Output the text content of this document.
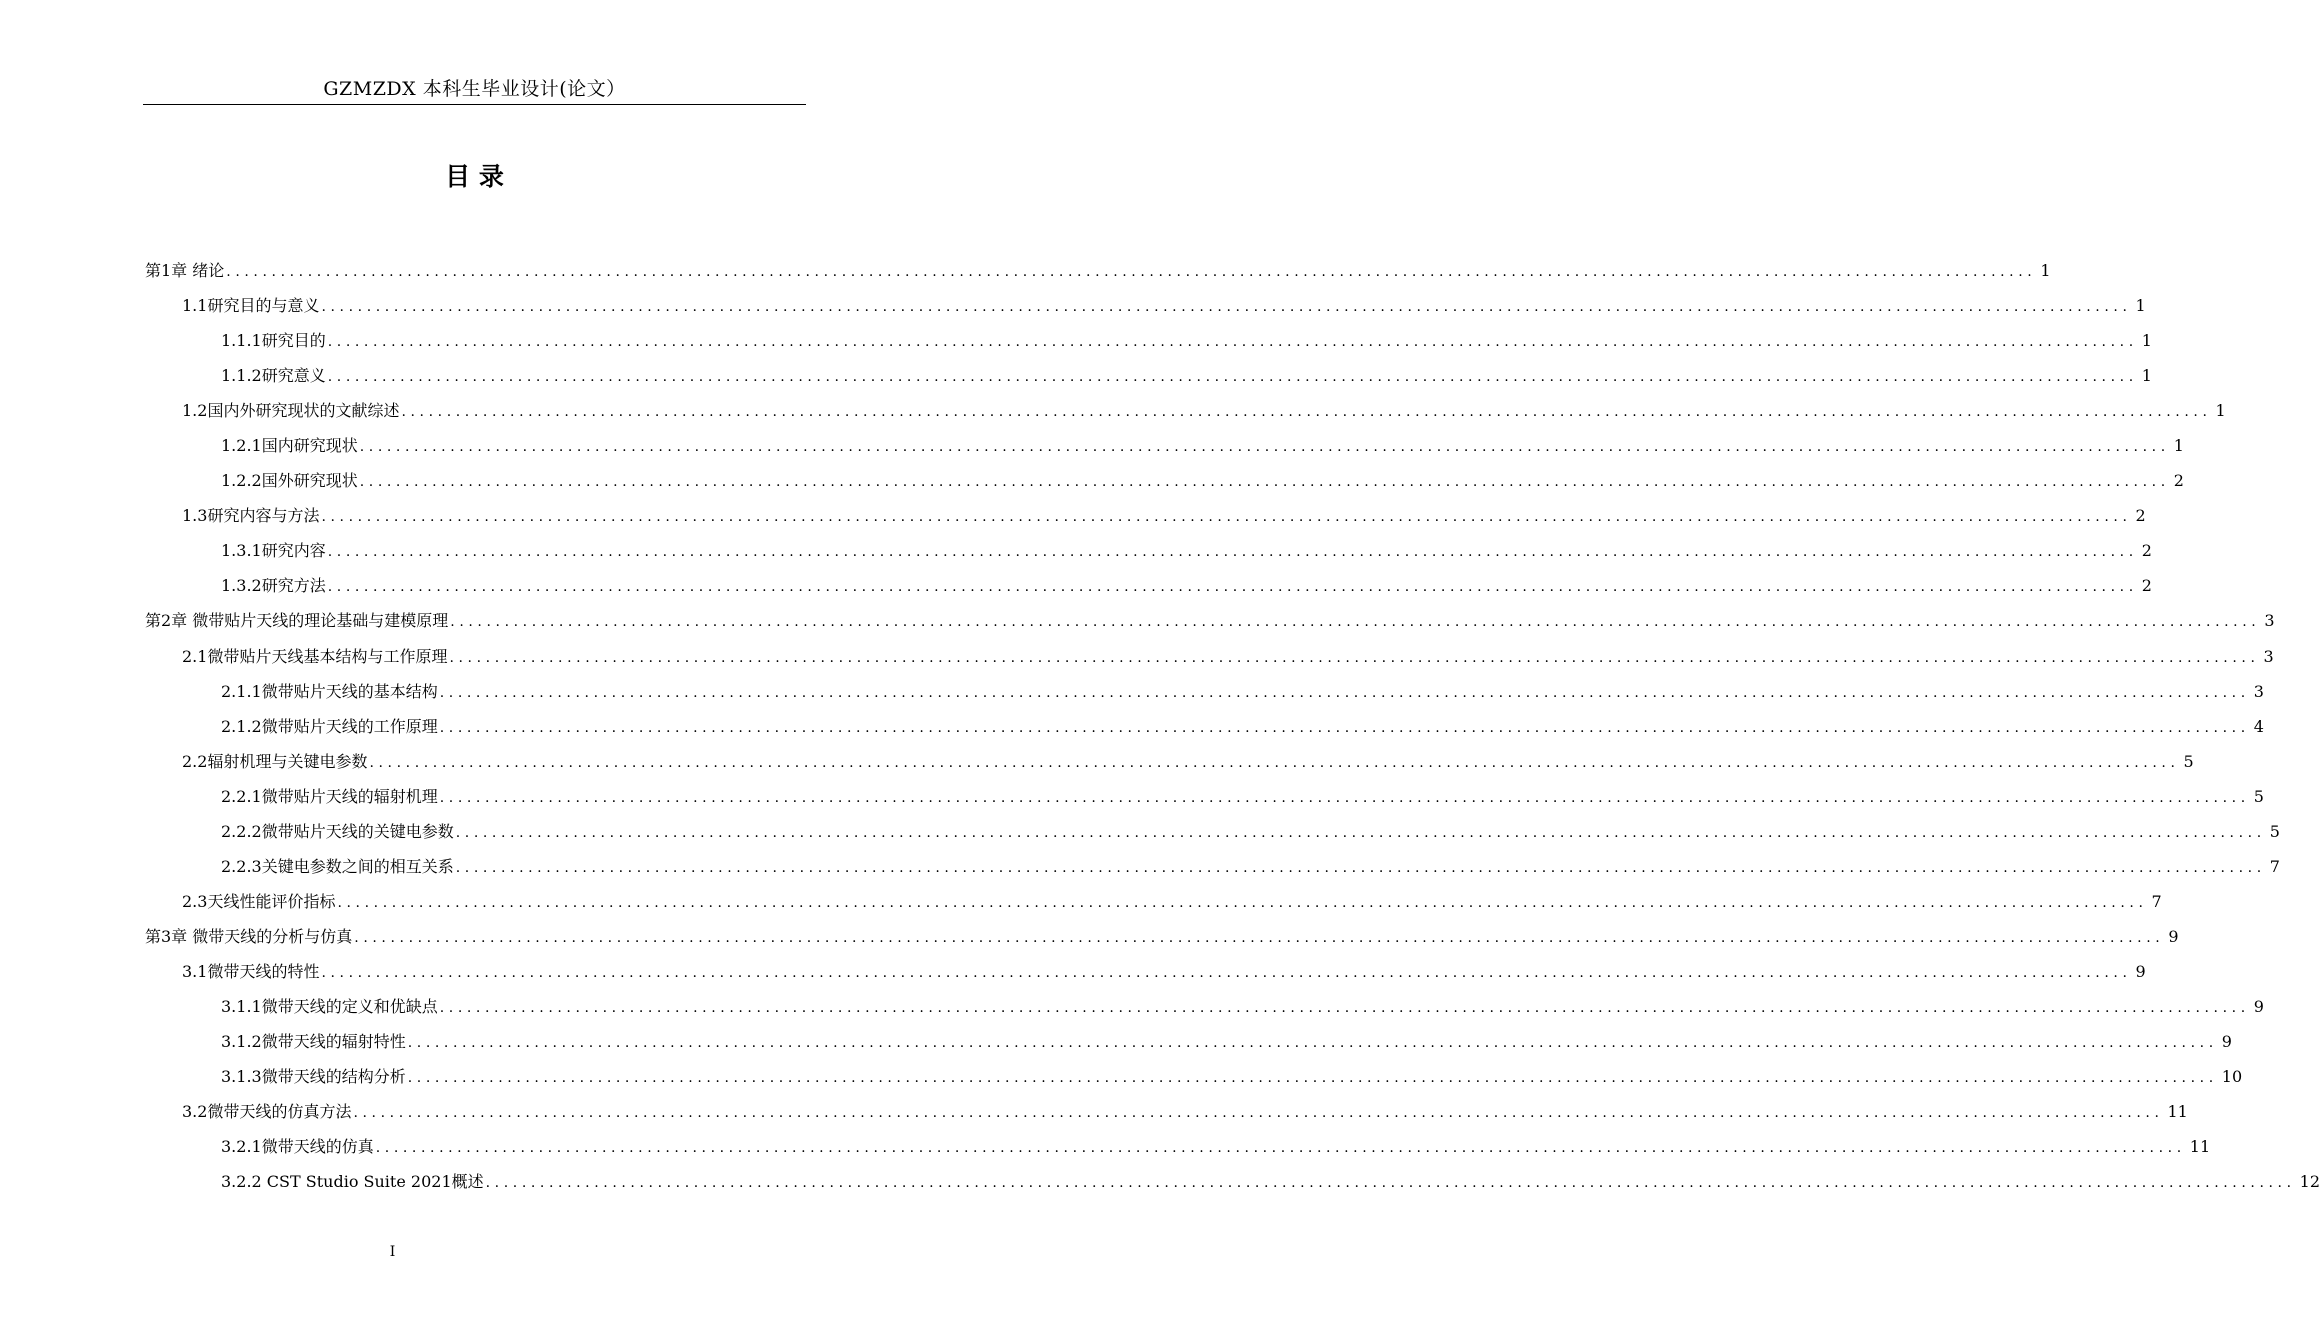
GZMZDX 本科生毕业设计(论文）
目 录
第1章 绪论 ........................................................................................................................................................................................................ 1
1.1研究目的与意义 ........................................................................................................................................................................................................ 1
1.1.1研究目的 ........................................................................................................................................................................................................ 1
1.1.2研究意义 ........................................................................................................................................................................................................ 1
1.2国内外研究现状的文献综述 ........................................................................................................................................................................................................ 1
1.2.1国内研究现状 ........................................................................................................................................................................................................ 1
1.2.2国外研究现状 ........................................................................................................................................................................................................ 2
1.3研究内容与方法 ........................................................................................................................................................................................................ 2
1.3.1研究内容 ........................................................................................................................................................................................................ 2
1.3.2研究方法 ........................................................................................................................................................................................................ 2
第2章 微带贴片天线的理论基础与建模原理 ........................................................................................................................................................................................................ 3
2.1微带贴片天线基本结构与工作原理 ........................................................................................................................................................................................................ 3
2.1.1微带贴片天线的基本结构 ........................................................................................................................................................................................................ 3
2.1.2微带贴片天线的工作原理 ........................................................................................................................................................................................................ 4
2.2辐射机理与关键电参数 ........................................................................................................................................................................................................ 5
2.2.1微带贴片天线的辐射机理 ........................................................................................................................................................................................................ 5
2.2.2微带贴片天线的关键电参数 ........................................................................................................................................................................................................ 5
2.2.3关键电参数之间的相互关系 ........................................................................................................................................................................................................ 7
2.3天线性能评价指标 ........................................................................................................................................................................................................ 7
第3章 微带天线的分析与仿真 ........................................................................................................................................................................................................ 9
3.1微带天线的特性 ........................................................................................................................................................................................................ 9
3.1.1微带天线的定义和优缺点 ........................................................................................................................................................................................................ 9
3.1.2微带天线的辐射特性 ........................................................................................................................................................................................................ 9
3.1.3微带天线的结构分析 ........................................................................................................................................................................................................ 10
3.2微带天线的仿真方法 ........................................................................................................................................................................................................ 11
3.2.1微带天线的仿真 ........................................................................................................................................................................................................ 11
3.2.2 CST Studio Suite 2021概述 ........................................................................................................................................................................................................ 12
I
